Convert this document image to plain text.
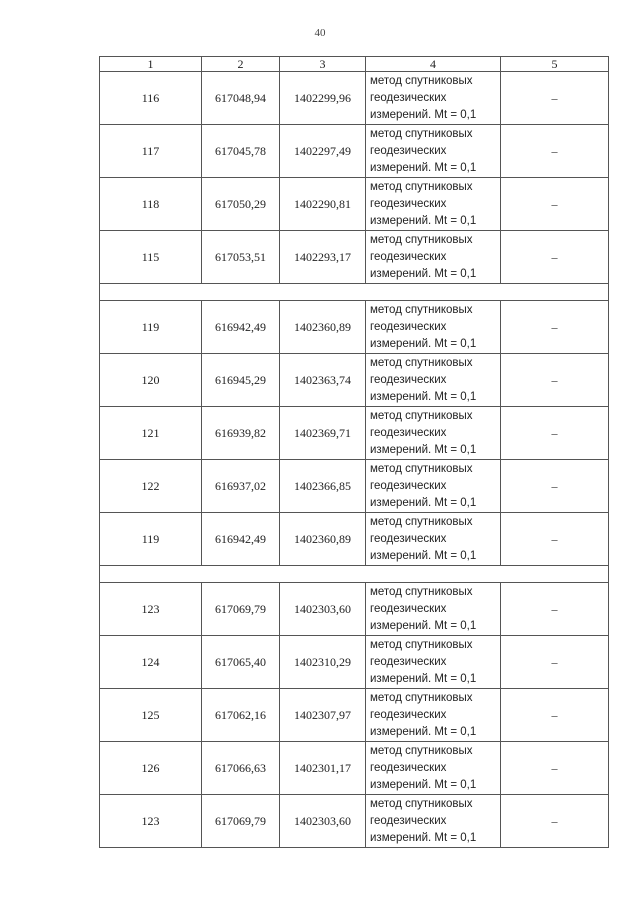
40
1	2	3	4	5
116	617048,94	1402299,96	метод спутниковых
геодезических
измерений. Mt = 0,1	–
117	617045,78	1402297,49	метод спутниковых
геодезических
измерений. Mt = 0,1	–
118	617050,29	1402290,81	метод спутниковых
геодезических
измерений. Mt = 0,1	–
115	617053,51	1402293,17	метод спутниковых
геодезических
измерений. Mt = 0,1	–

119	616942,49	1402360,89	метод спутниковых
геодезических
измерений. Mt = 0,1	–
120	616945,29	1402363,74	метод спутниковых
геодезических
измерений. Mt = 0,1	–
121	616939,82	1402369,71	метод спутниковых
геодезических
измерений. Mt = 0,1	–
122	616937,02	1402366,85	метод спутниковых
геодезических
измерений. Mt = 0,1	–
119	616942,49	1402360,89	метод спутниковых
геодезических
измерений. Mt = 0,1	–

123	617069,79	1402303,60	метод спутниковых
геодезических
измерений. Mt = 0,1	–
124	617065,40	1402310,29	метод спутниковых
геодезических
измерений. Mt = 0,1	–
125	617062,16	1402307,97	метод спутниковых
геодезических
измерений. Mt = 0,1	–
126	617066,63	1402301,17	метод спутниковых
геодезических
измерений. Mt = 0,1	–
123	617069,79	1402303,60	метод спутниковых
геодезических
измерений. Mt = 0,1	–
